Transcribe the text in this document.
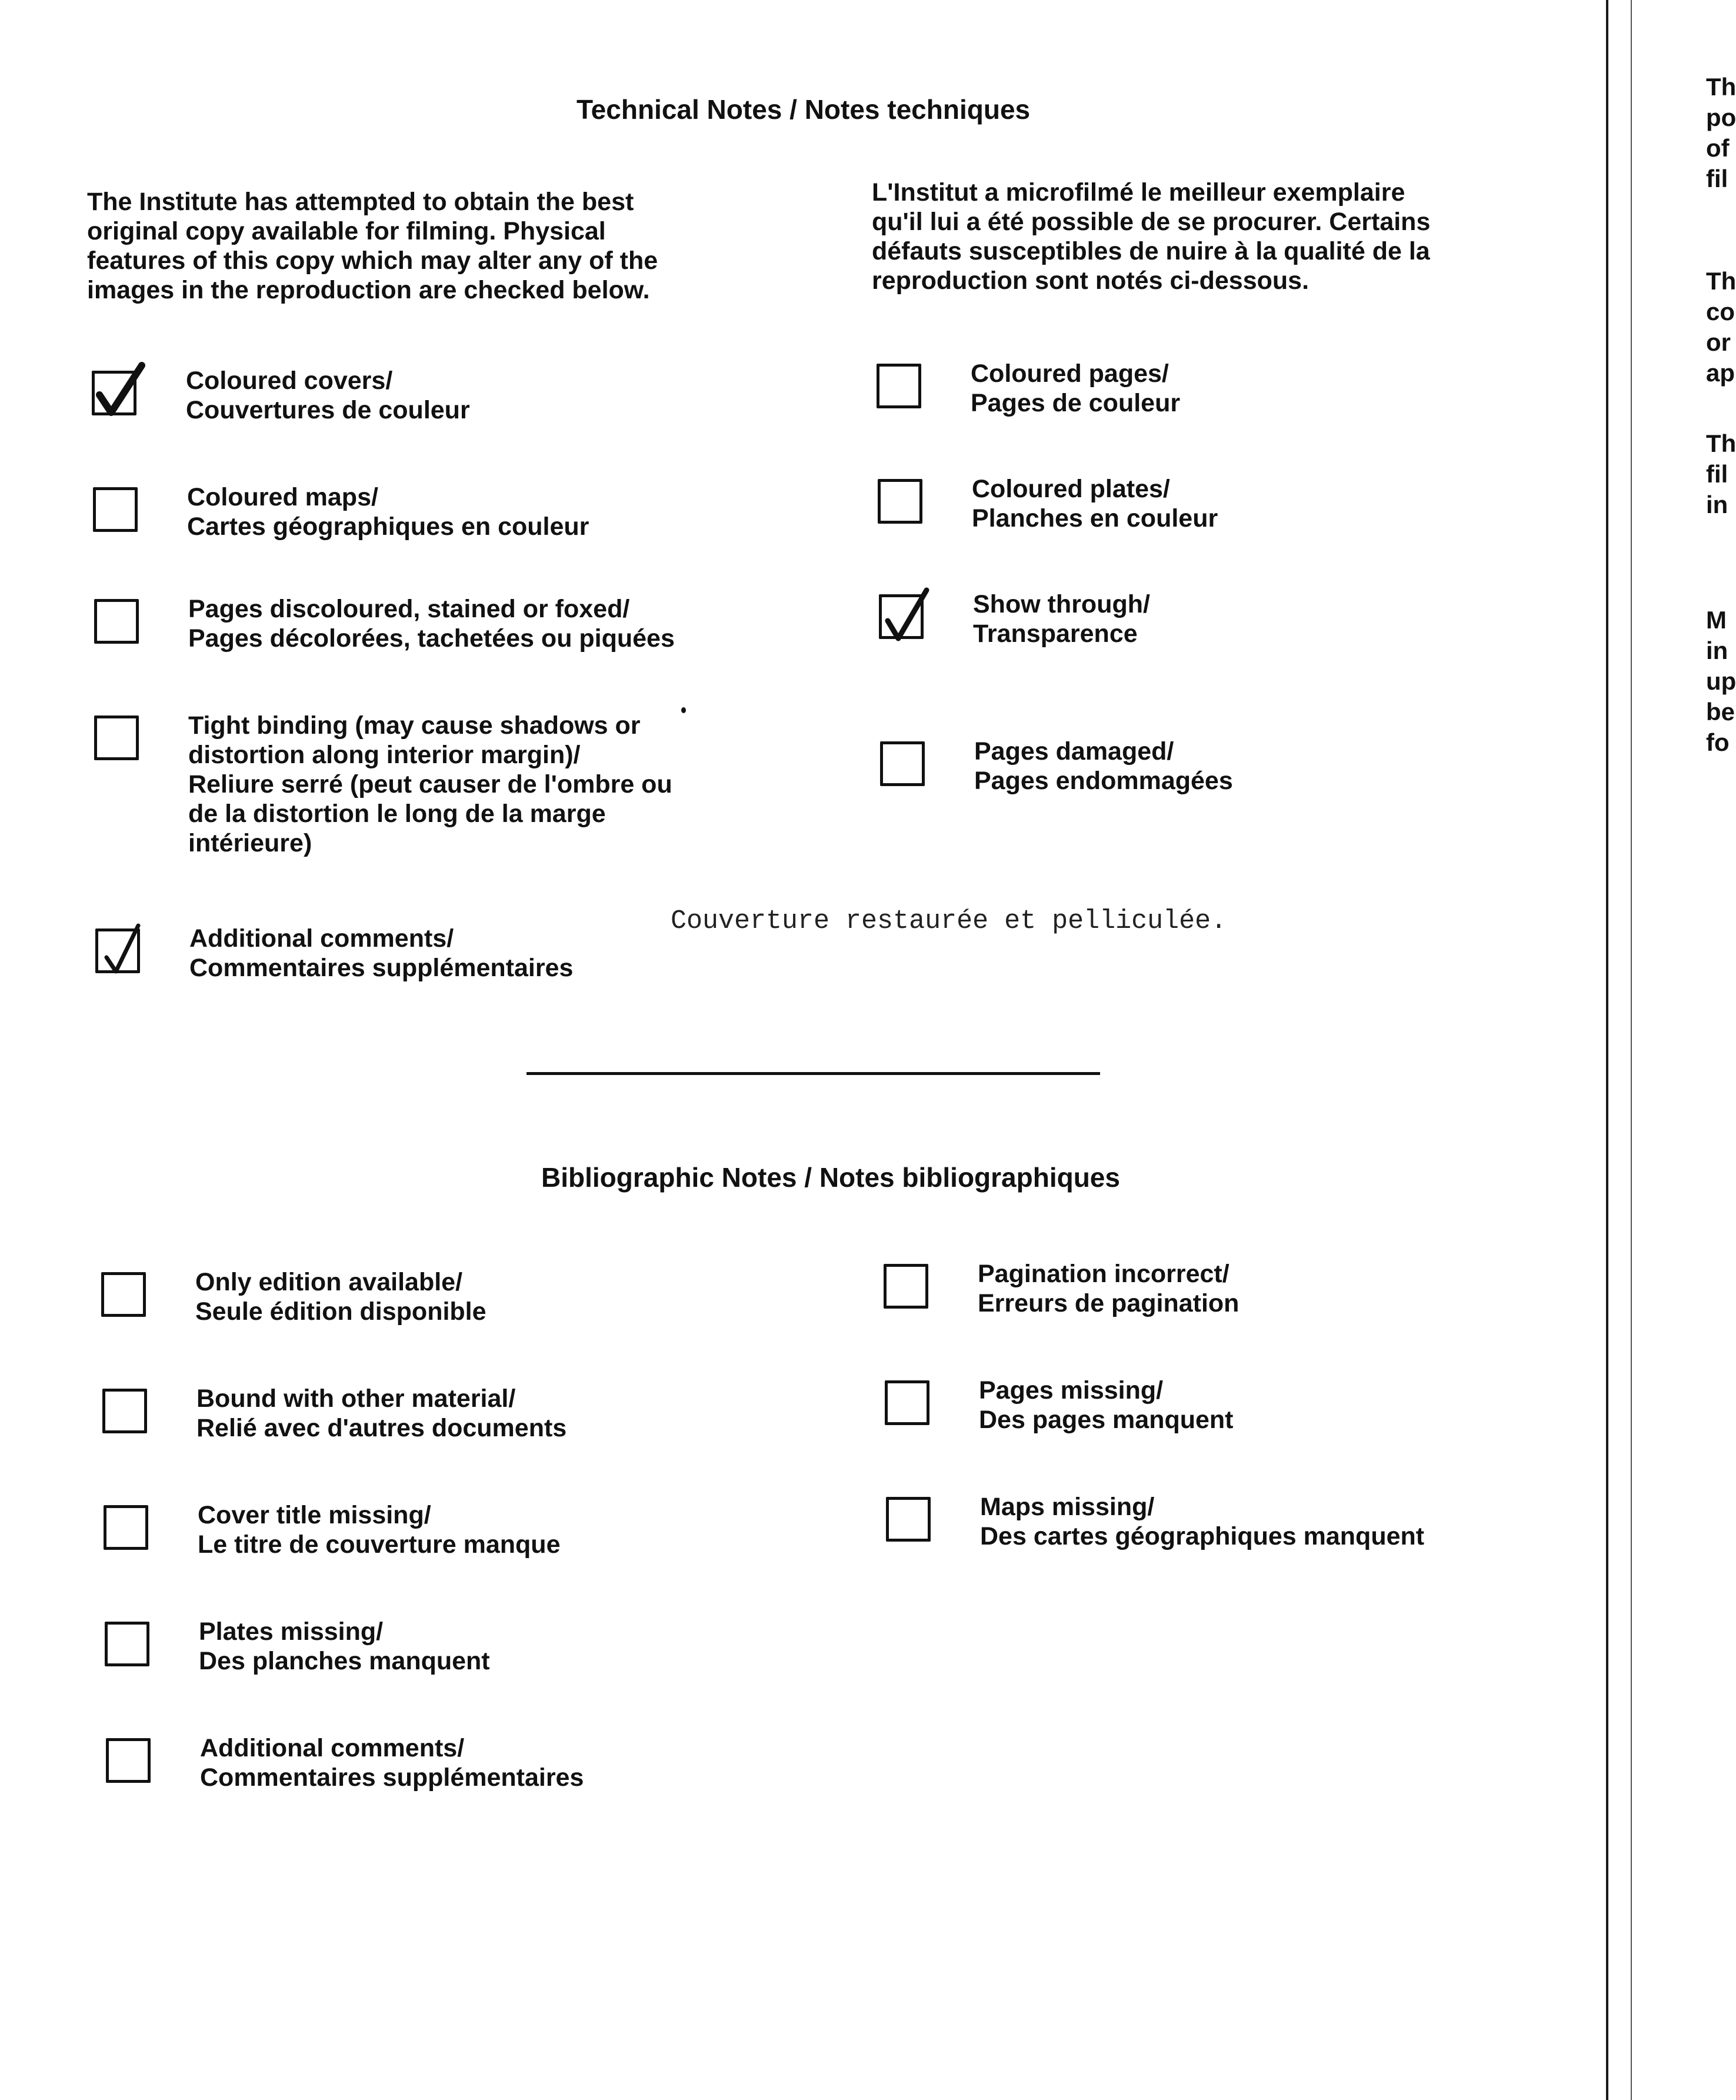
Th
po
of
fil
Th
co
or
ap
Th
fil
in
M
in
up
be
fo
Technical Notes / Notes techniques
The Institute has attempted to obtain the best
original copy available for filming. Physical
features of this copy which may alter any of the
images in the reproduction are checked below.
L'Institut a microfilmé le meilleur exemplaire
qu'il lui a été possible de se procurer. Certains
défauts susceptibles de nuire à la qualité de la
reproduction sont notés ci-dessous.
Coloured covers/
Couvertures de couleur
Coloured maps/
Cartes géographiques en couleur
Pages discoloured, stained or foxed/
Pages décolorées, tachetées ou piquées
Tight binding (may cause shadows or
distortion along interior margin)/
Reliure serré (peut causer de l'ombre ou
de la distortion le long de la marge
intérieure)
Additional comments/
Commentaires supplémentaires
Couverture restaurée et pelliculée.
Coloured pages/
Pages de couleur
Coloured plates/
Planches en couleur
Show through/
Transparence
Pages damaged/
Pages endommagées
Bibliographic Notes / Notes bibliographiques
Only edition available/
Seule édition disponible
Bound with other material/
Relié avec d'autres documents
Cover title missing/
Le titre de couverture manque
Plates missing/
Des planches manquent
Additional comments/
Commentaires supplémentaires
Pagination incorrect/
Erreurs de pagination
Pages missing/
Des pages manquent
Maps missing/
Des cartes géographiques manquent
